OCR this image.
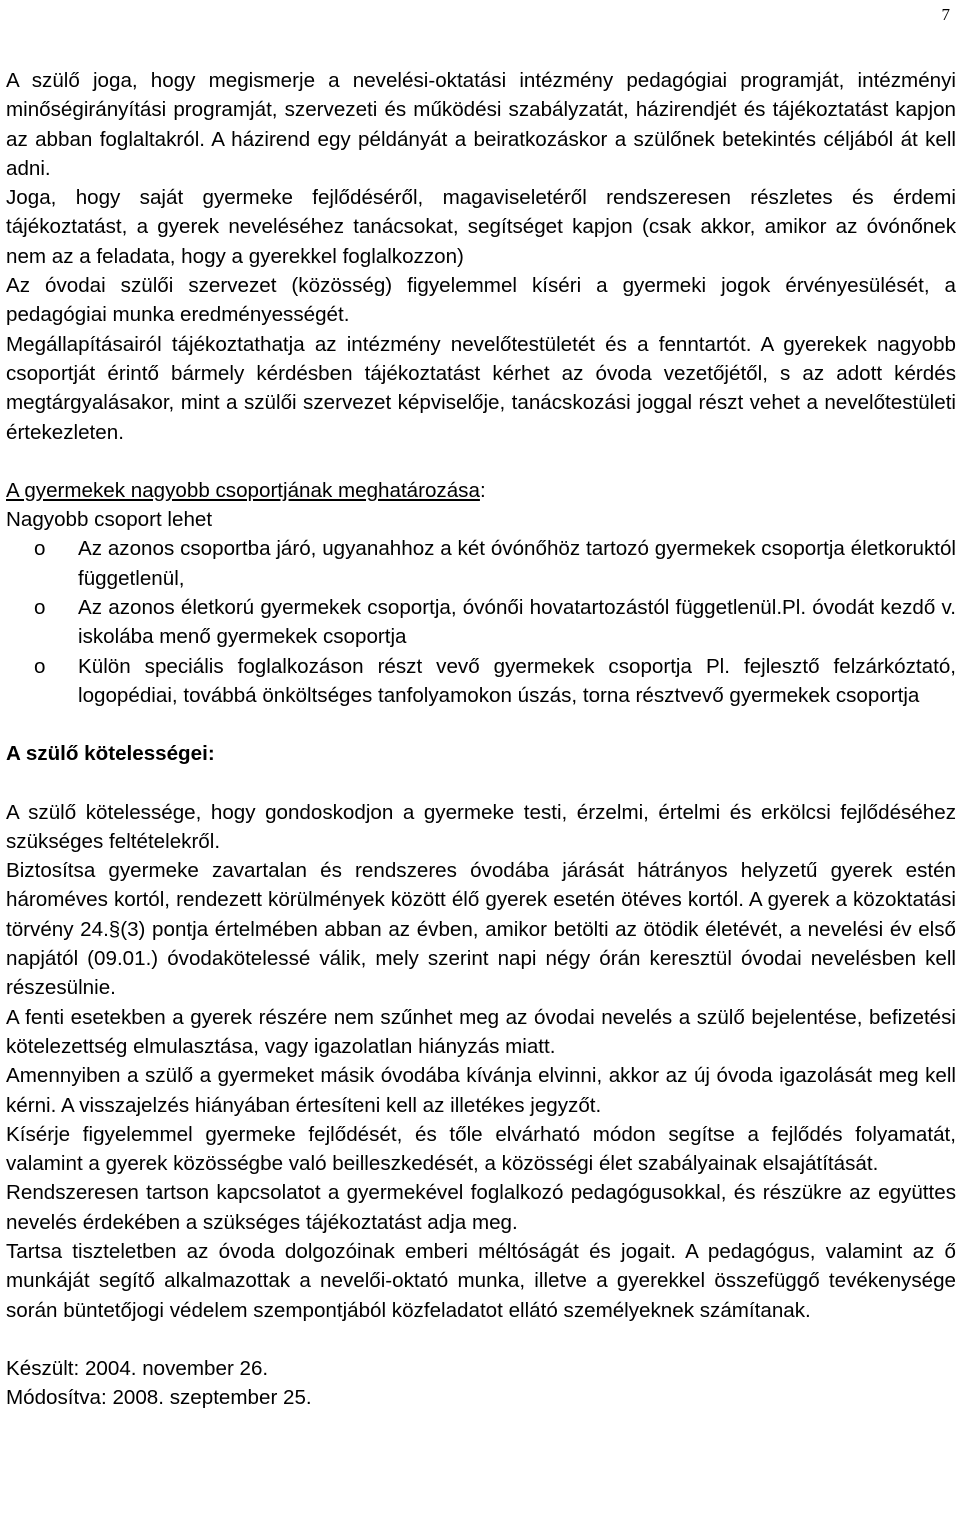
7

A szülő joga, hogy megismerje a nevelési-oktatási intézmény pedagógiai programját, intézményi minőségirányítási programját, szervezeti és működési szabályzatát, házirendjét és tájékoztatást kapjon az abban foglaltakról. A házirend egy példányát a beiratkozáskor a szülőnek betekintés céljából át kell adni.

Joga, hogy saját gyermeke fejlődéséről, magaviseletéről rendszeresen részletes és érdemi tájékoztatást, a gyerek neveléséhez tanácsokat, segítséget kapjon (csak akkor, amikor az óvónőnek nem az a feladata, hogy a gyerekkel foglalkozzon)

Az óvodai szülői szervezet (közösség) figyelemmel kíséri a gyermeki jogok érvényesülését, a pedagógiai munka eredményességét.

Megállapításairól tájékoztathatja az intézmény nevelőtestületét és a fenntartót. A gyerekek nagyobb csoportját érintő bármely kérdésben tájékoztatást kérhet az óvoda vezetőjétől, s az adott kérdés megtárgyalásakor, mint a szülői szervezet képviselője, tanácskozási joggal részt vehet a nevelőtestületi értekezleten.

A gyermekek nagyobb csoportjának meghatározása:

Nagyobb csoport lehet

o Az azonos csoportba járó, ugyanahhoz a két óvónőhöz tartozó gyermekek csoportja életkoruktól függetlenül,
o Az azonos életkorú gyermekek csoportja, óvónői hovatartozástól függetlenül.Pl. óvodát kezdő v. iskolába menő gyermekek csoportja
o Külön speciális foglalkozáson részt vevő gyermekek csoportja Pl. fejlesztő felzárkóztató, logopédiai, továbbá önköltséges tanfolyamokon úszás, torna résztvevő gyermekek csoportja

A szülő kötelességei:

A szülő kötelessége, hogy gondoskodjon a gyermeke testi, érzelmi, értelmi és erkölcsi fejlődéséhez szükséges feltételekről.

Biztosítsa gyermeke zavartalan és rendszeres óvodába járását hátrányos helyzetű gyerek estén hároméves kortól, rendezett körülmények között élő gyerek esetén ötéves kortól. A gyerek a közoktatási törvény 24.§(3) pontja értelmében abban az évben, amikor betölti az ötödik életévét, a nevelési év első napjától (09.01.) óvodakötelessé válik, mely szerint napi négy órán keresztül óvodai nevelésben kell részesülnie.

A fenti esetekben a gyerek részére nem szűnhet meg az óvodai nevelés a szülő bejelentése, befizetési kötelezettség elmulasztása, vagy igazolatlan hiányzás miatt.

Amennyiben a szülő a gyermeket másik óvodába kívánja elvinni, akkor az új óvoda igazolását meg kell kérni. A visszajelzés hiányában értesíteni kell az illetékes jegyzőt.

Kísérje figyelemmel gyermeke fejlődését, és tőle elvárható módon segítse a fejlődés folyamatát, valamint a gyerek közösségbe való beilleszkedését, a közösségi élet szabályainak elsajátítását.

Rendszeresen tartson kapcsolatot a gyermekével foglalkozó pedagógusokkal, és részükre az együttes nevelés érdekében a szükséges tájékoztatást adja meg.

Tartsa tiszteletben az óvoda dolgozóinak emberi méltóságát és jogait. A pedagógus, valamint az ő munkáját segítő alkalmazottak a nevelői-oktató munka, illetve a gyerekkel összefüggő tevékenysége során büntetőjogi védelem szempontjából közfeladatot ellátó személyeknek számítanak.

Készült: 2004. november 26.

Módosítva: 2008. szeptember 25.
